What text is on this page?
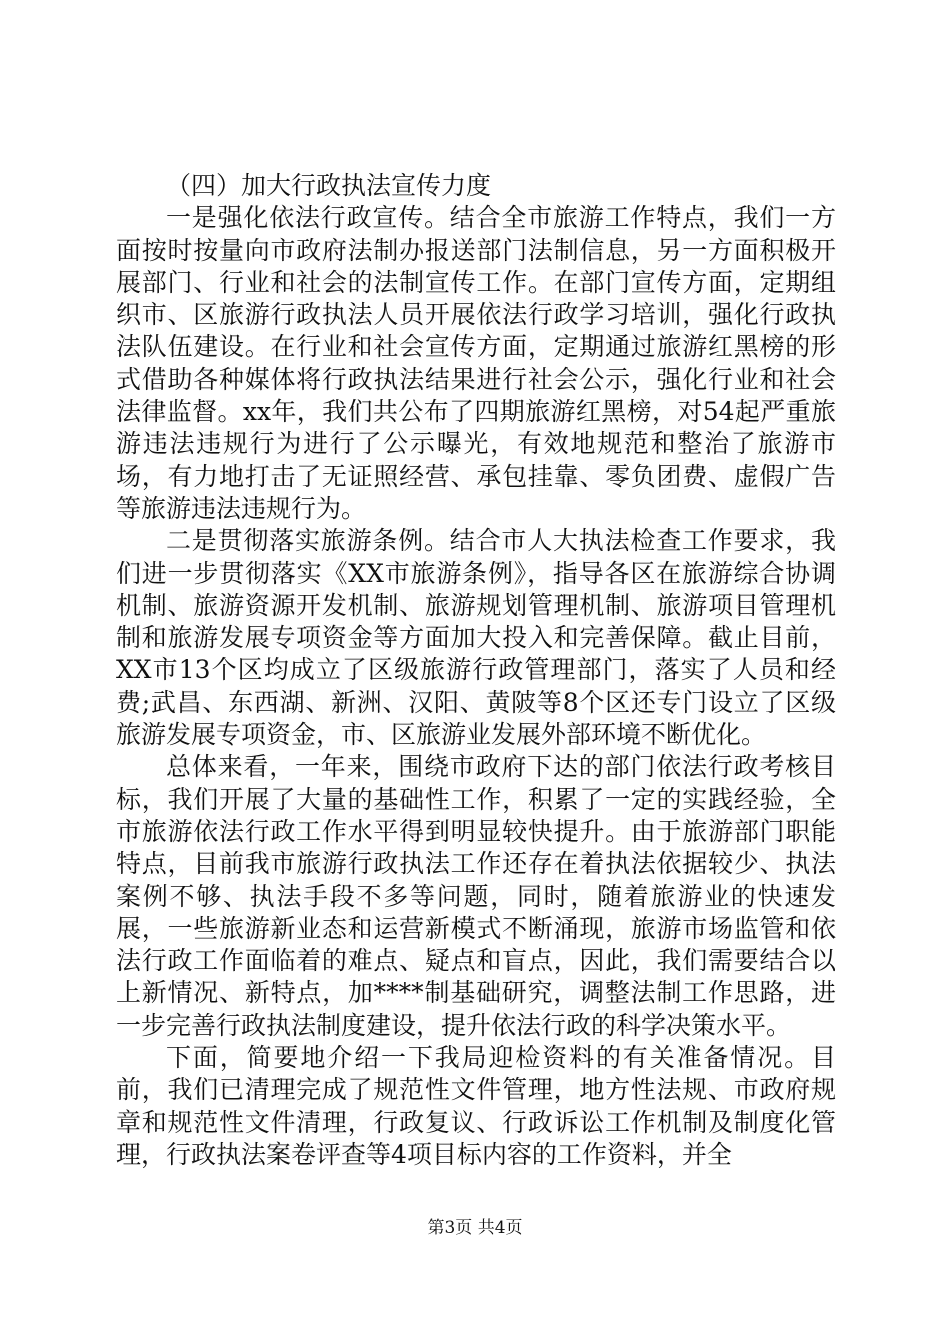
（四）加大行政执法宣传力度

一是强化依法行政宣传。结合全市旅游工作特点，我们一方面按时按量向市政府法制办报送部门法制信息，另一方面积极开展部门、行业和社会的法制宣传工作。在部门宣传方面，定期组织市、区旅游行政执法人员开展依法行政学习培训，强化行政执法队伍建设。在行业和社会宣传方面，定期通过旅游红黑榜的形式借助各种媒体将行政执法结果进行社会公示，强化行业和社会法律监督。xx年，我们共公布了四期旅游红黑榜，对54起严重旅游违法违规行为进行了公示曝光，有效地规范和整治了旅游市场，有力地打击了无证照经营、承包挂靠、零负团费、虚假广告等旅游违法违规行为。

二是贯彻落实旅游条例。结合市人大执法检查工作要求，我们进一步贯彻落实《XX市旅游条例》，指导各区在旅游综合协调机制、旅游资源开发机制、旅游规划管理机制、旅游项目管理机制和旅游发展专项资金等方面加大投入和完善保障。截止目前，XX市13个区均成立了区级旅游行政管理部门，落实了人员和经费;武昌、东西湖、新洲、汉阳、黄陂等8个区还专门设立了区级旅游发展专项资金，市、区旅游业发展外部环境不断优化。

总体来看，一年来，围绕市政府下达的部门依法行政考核目标，我们开展了大量的基础性工作，积累了一定的实践经验，全市旅游依法行政工作水平得到明显较快提升。由于旅游部门职能特点，目前我市旅游行政执法工作还存在着执法依据较少、执法案例不够、执法手段不多等问题，同时，随着旅游业的快速发展，一些旅游新业态和运营新模式不断涌现，旅游市场监管和依法行政工作面临着的难点、疑点和盲点，因此，我们需要结合以上新情况、新特点，加****制基础研究，调整法制工作思路，进一步完善行政执法制度建设，提升依法行政的科学决策水平。

下面，简要地介绍一下我局迎检资料的有关准备情况。目前，我们已清理完成了规范性文件管理，地方性法规、市政府规章和规范性文件清理，行政复议、行政诉讼工作机制及制度化管理，行政执法案卷评查等4项目标内容的工作资料，并全

第3页 共4页
